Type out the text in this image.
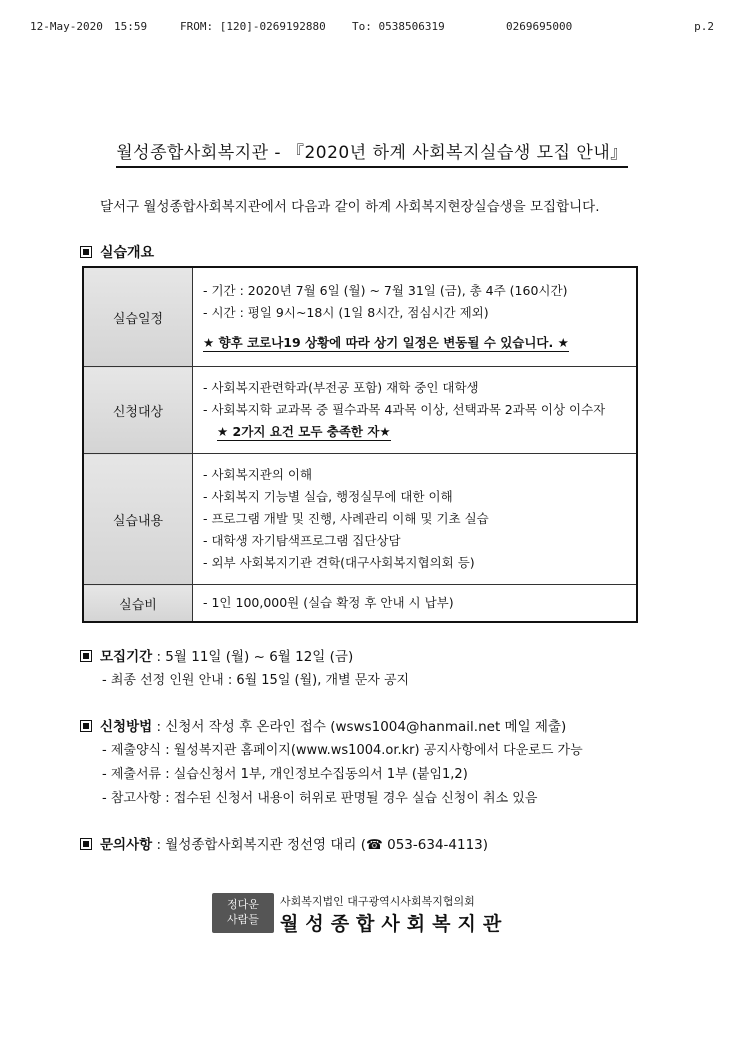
12-May-2020 15:59	FROM: [120]-0269192880 To: 0538506319	0269695000	p.2
월성종합사회복지관 - 『2020년 하계 사회복지실습생 모집 안내』
달서구 월성종합사회복지관에서 다음과 같이 하계 사회복지현장실습생을 모집합니다.
실습개요
실습일정	- 기간 : 2020년 7월 6일 (월) ~ 7월 31일 (금), 총 4주 (160시간)
- 시간 : 평일 9시~18시 (1일 8시간, 점심시간 제외)
★ 향후 코로나19 상황에 따라 상기 일정은 변동될 수 있습니다. ★

신청대상	- 사회복지관련학과(부전공 포함) 재학 중인 대학생
- 사회복지학 교과목 중 필수과목 4과목 이상, 선택과목 2과목 이상 이수자
★ 2가지 요건 모두 충족한 자★

실습내용	- 사회복지관의 이해
- 사회복지 기능별 실습, 행정실무에 대한 이해
- 프로그램 개발 및 진행, 사례관리 이해 및 기초 실습
- 대학생 자기탐색프로그램 집단상담
- 외부 사회복지기관 견학(대구사회복지협의회 등)

실습비	- 1인 100,000원 (실습 확정 후 안내 시 납부)
모집기간 : 5월 11일 (월) ~ 6월 12일 (금)
- 최종 선정 인원 안내 : 6월 15일 (월), 개별 문자 공지
신청방법 : 신청서 작성 후 온라인 접수 (wsws1004@hanmail.net 메일 제출)
- 제출양식 : 월성복지관 홈페이지(www.ws1004.or.kr) 공지사항에서 다운로드 가능
- 제출서류 : 실습신청서 1부, 개인정보수집동의서 1부 (붙임1,2)
- 참고사항 : 접수된 신청서 내용이 허위로 판명될 경우 실습 신청이 취소 있음
문의사항 : 월성종합사회복지관 정선영 대리 (☎ 053-634-4113)
정다운
사람들
사회복지법인 대구광역시사회복지협의회
월성종합사회복지관
